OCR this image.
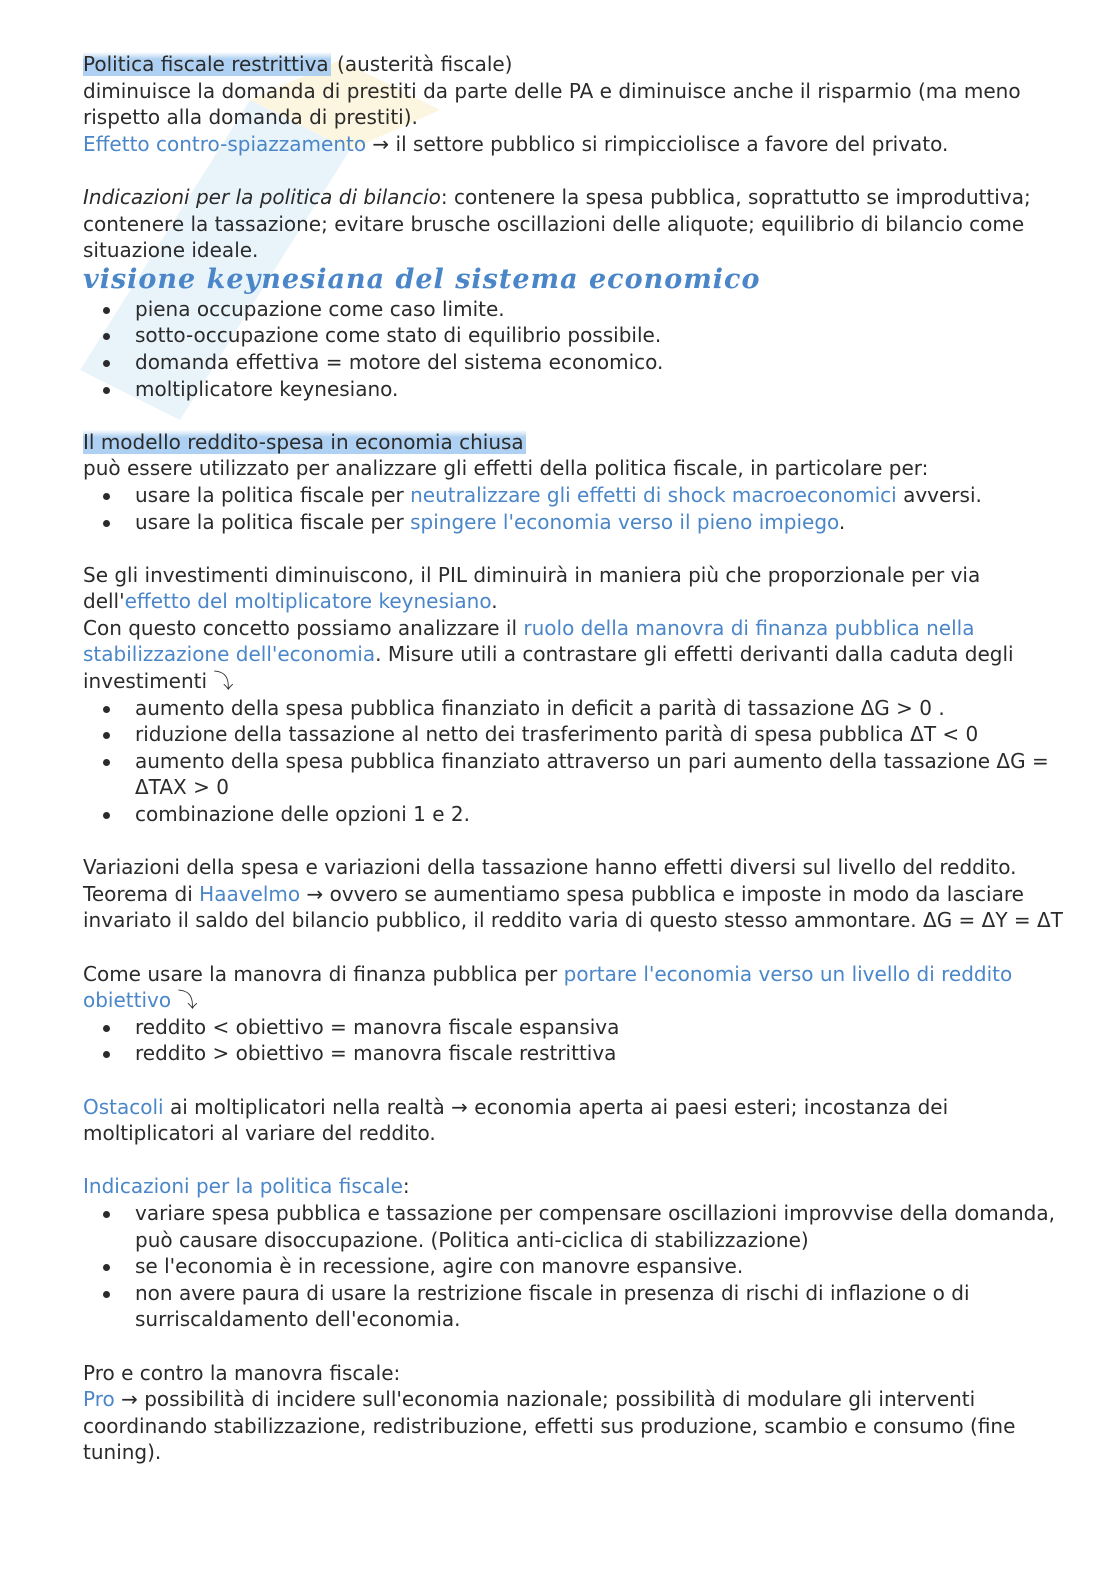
Politica fiscale restrittiva (austerità fiscale)
diminuisce la domanda di prestiti da parte delle PA e diminuisce anche il risparmio (ma meno rispetto alla domanda di prestiti).
Effetto contro-spiazzamento → il settore pubblico si rimpicciolisce a favore del privato.

Indicazioni per la politica di bilancio: contenere la spesa pubblica, soprattutto se improduttiva; contenere la tassazione; evitare brusche oscillazioni delle aliquote; equilibrio di bilancio come situazione ideale.

visione keynesiana del sistema economico
piena occupazione come caso limite.
sotto-occupazione come stato di equilibrio possibile.
domanda effettiva = motore del sistema economico.
moltiplicatore keynesiano.

Il modello reddito-spesa in economia chiusa
può essere utilizzato per analizzare gli effetti della politica fiscale, in particolare per:

usare la politica fiscale per neutralizzare gli effetti di shock macroeconomici avversi.
usare la politica fiscale per spingere l'economia verso il pieno impiego.

Se gli investimenti diminuiscono, il PIL diminuirà in maniera più che proporzionale per via dell'effetto del moltiplicatore keynesiano.
Con questo concetto possiamo analizzare il ruolo della manovra di finanza pubblica nella stabilizzazione dell'economia. Misure utili a contrastare gli effetti derivanti dalla caduta degli investimenti ⤵

aumento della spesa pubblica finanziato in deficit a parità di tassazione ΔG > 0 .
riduzione della tassazione al netto dei trasferimento parità di spesa pubblica ΔT < 0
aumento della spesa pubblica finanziato attraverso un pari aumento della tassazione ΔG = ΔTAX > 0
combinazione delle opzioni 1 e 2.

Variazioni della spesa e variazioni della tassazione hanno effetti diversi sul livello del reddito.
Teorema di Haavelmo → ovvero se aumentiamo spesa pubblica e imposte in modo da lasciare invariato il saldo del bilancio pubblico, il reddito varia di questo stesso ammontare. ΔG = ΔY = ΔT

Come usare la manovra di finanza pubblica per portare l'economia verso un livello di reddito obiettivo ⤵

reddito < obiettivo = manovra fiscale espansiva
reddito > obiettivo = manovra fiscale restrittiva

Ostacoli ai moltiplicatori nella realtà → economia aperta ai paesi esteri; incostanza dei moltiplicatori al variare del reddito.

Indicazioni per la politica fiscale:

variare spesa pubblica e tassazione per compensare oscillazioni improvvise della domanda, può causare disoccupazione. (Politica anti-ciclica di stabilizzazione)
se l'economia è in recessione, agire con manovre espansive.
non avere paura di usare la restrizione fiscale in presenza di rischi di inflazione o di surriscaldamento dell'economia.

Pro e contro la manovra fiscale:
Pro → possibilità di incidere sull'economia nazionale; possibilità di modulare gli interventi coordinando stabilizzazione, redistribuzione, effetti sus produzione, scambio e consumo (fine tuning).
